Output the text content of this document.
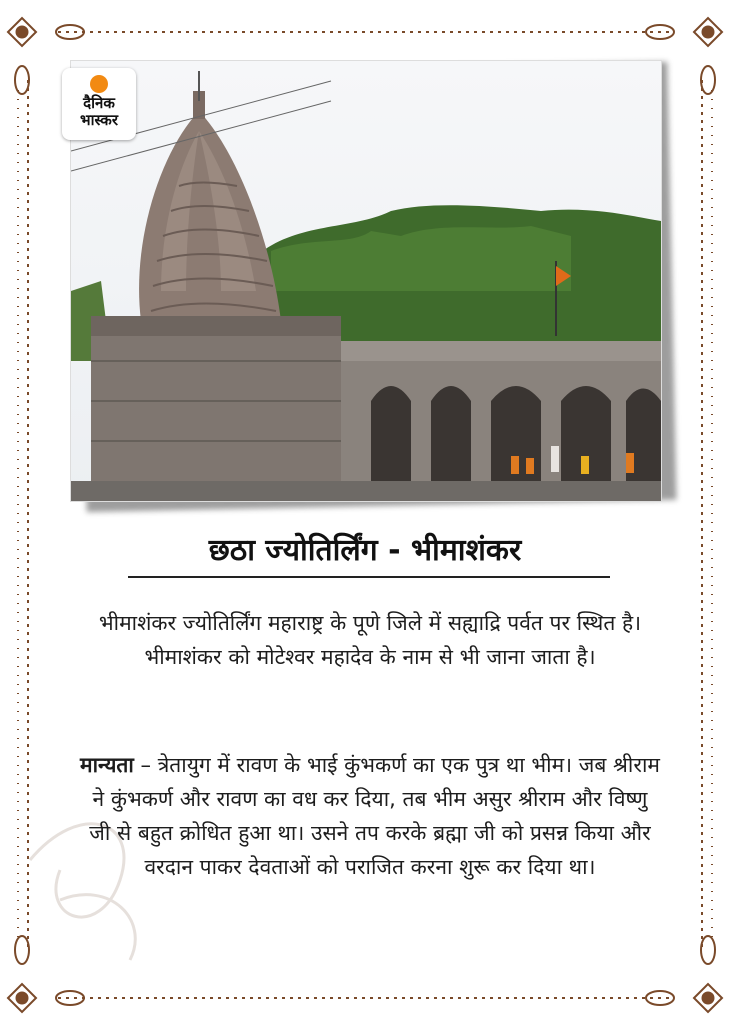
दैनिक
भास्कर
छठा ज्योतिर्लिंग - भीमाशंकर
भीमाशंकर ज्योतिर्लिंग महाराष्ट्र के पूणे जिले में सह्याद्रि पर्वत पर स्थित है। भीमाशंकर को मोटेश्वर महादेव के नाम से भी जाना जाता है।
मान्यता – त्रेतायुग में रावण के भाई कुंभकर्ण का एक पुत्र था भीम। जब श्रीराम ने कुंभकर्ण और रावण का वध कर दिया, तब भीम असुर श्रीराम और विष्णु जी से बहुत क्रोधित हुआ था। उसने तप करके ब्रह्मा जी को प्रसन्न किया और वरदान पाकर देवताओं को पराजित करना शुरू कर दिया था।
